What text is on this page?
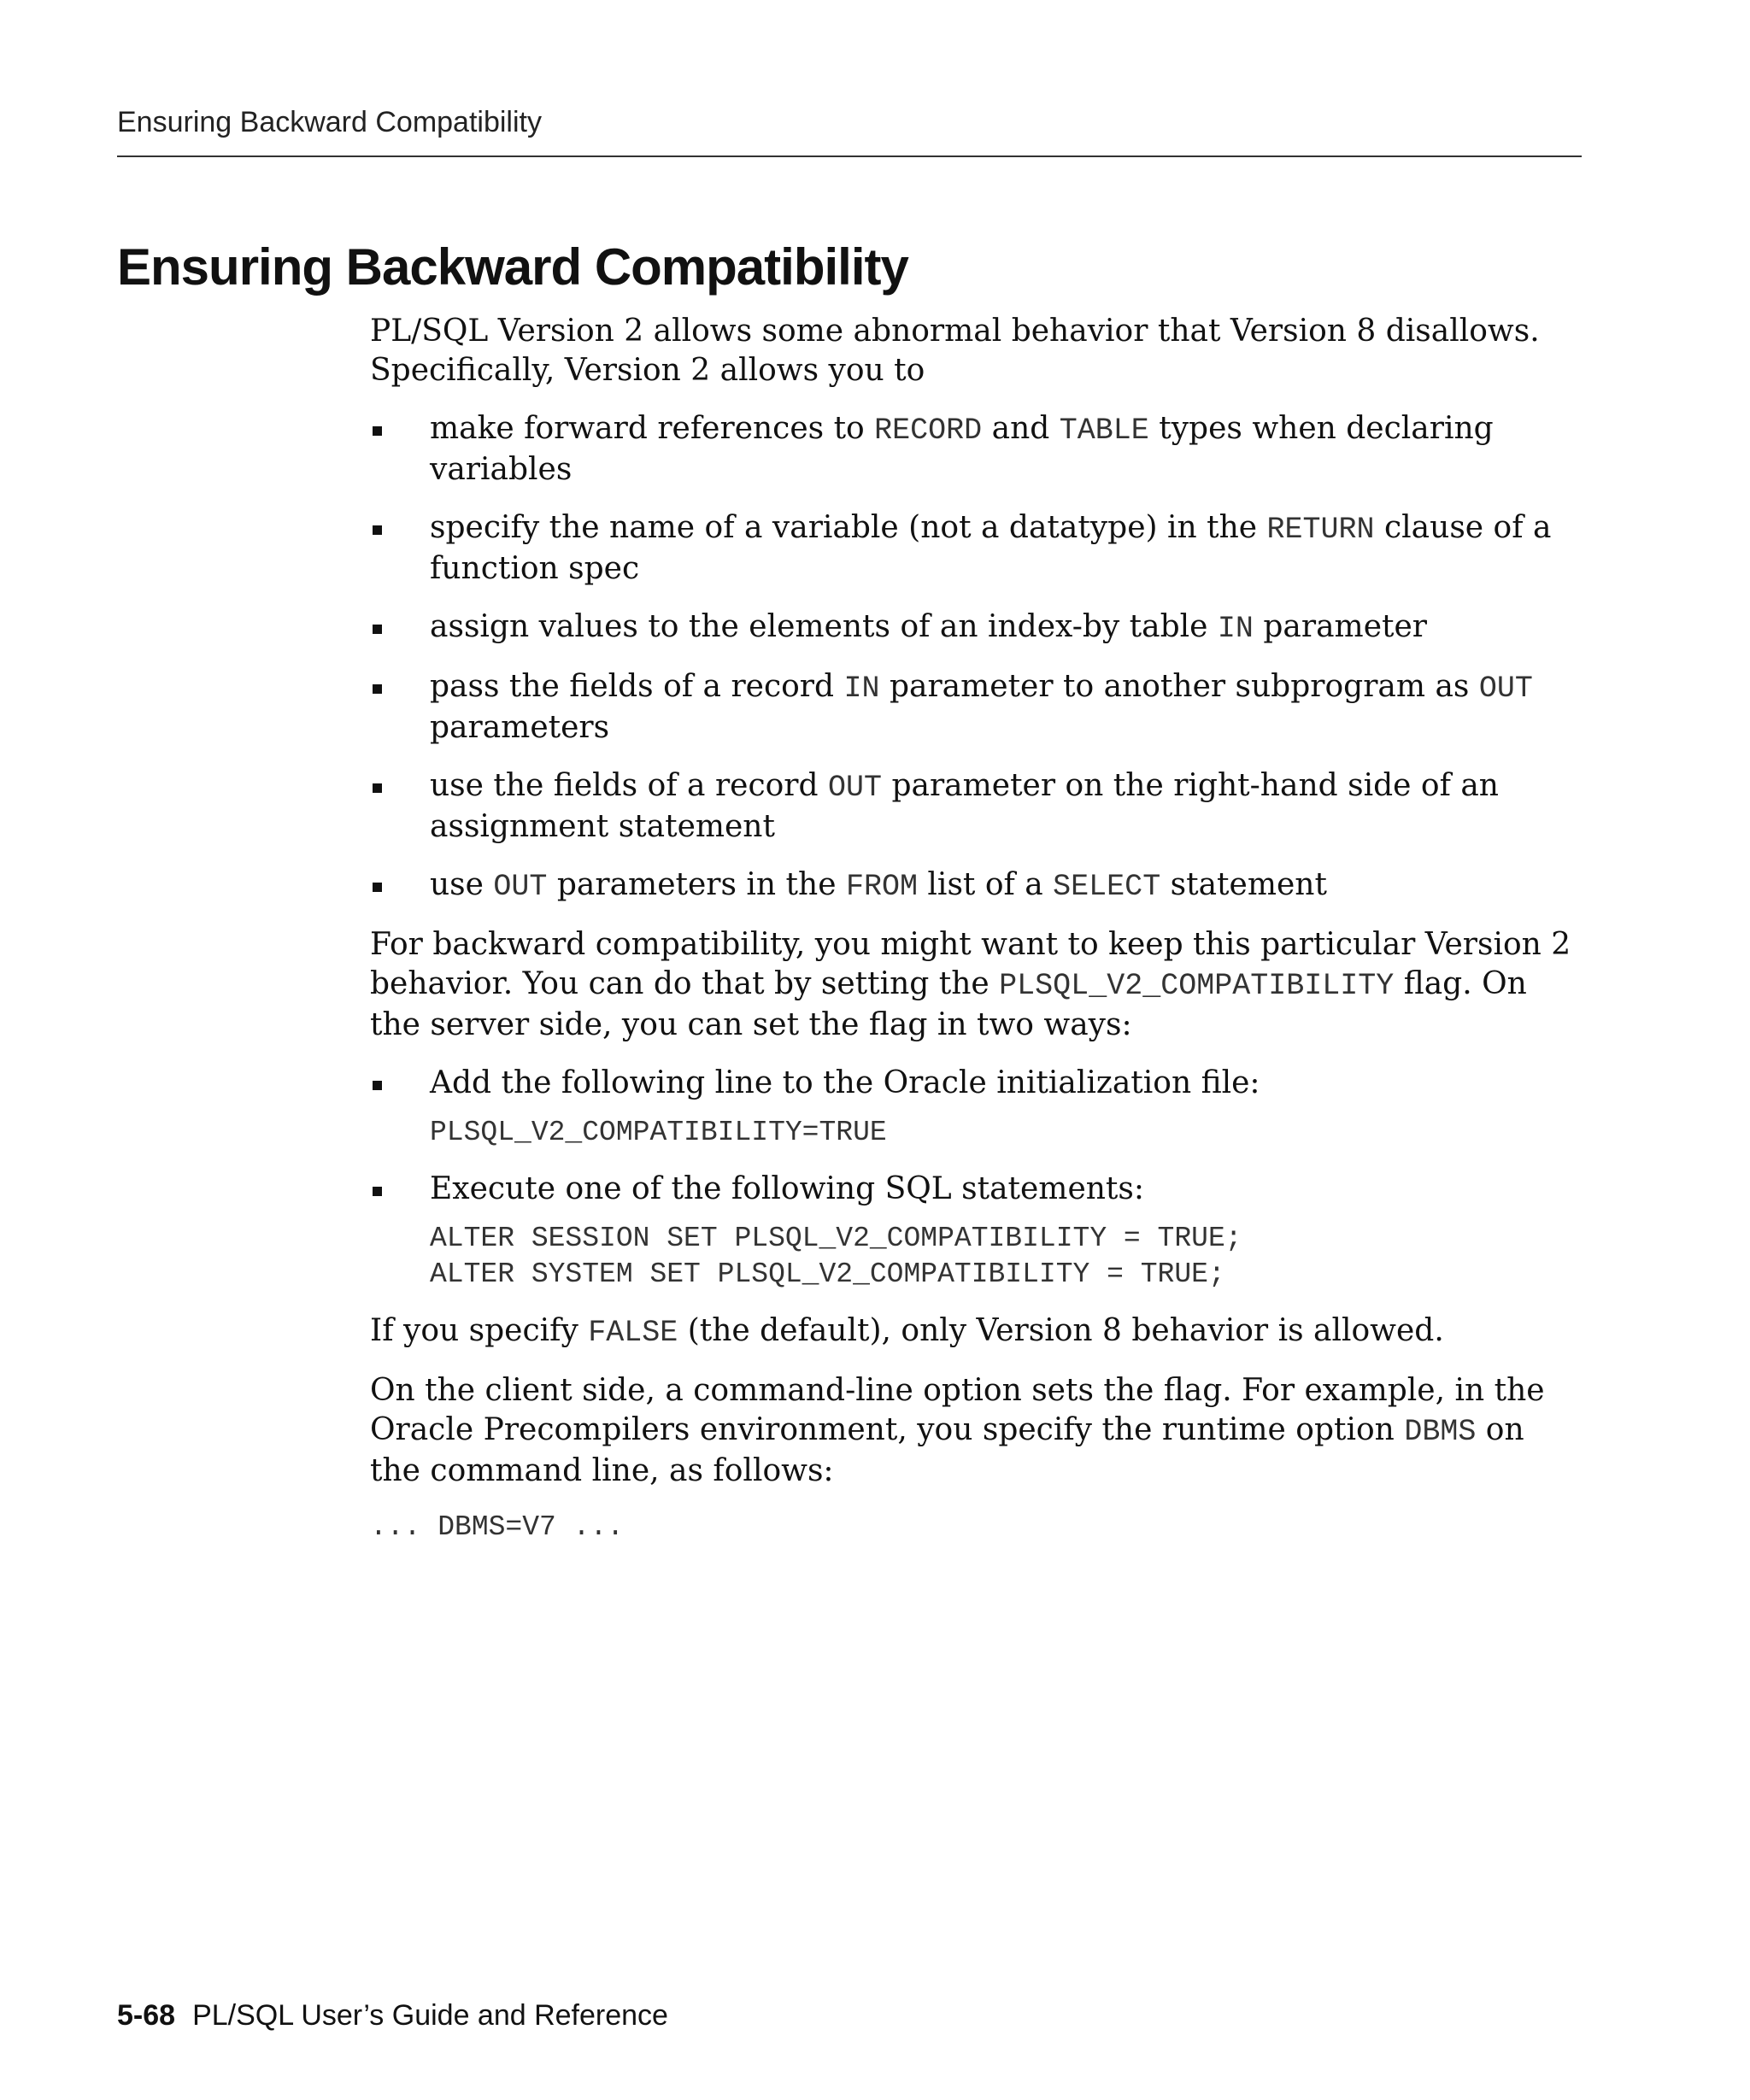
Ensuring Backward Compatibility
Ensuring Backward Compatibility

PL/SQL Version 2 allows some abnormal behavior that Version 8 disallows. Specifically, Version 2 allows you to

make forward references to RECORD and TABLE types when declaring variables
specify the name of a variable (not a datatype) in the RETURN clause of a function spec
assign values to the elements of an index-by table IN parameter
pass the fields of a record IN parameter to another subprogram as OUT parameters
use the fields of a record OUT parameter on the right-hand side of an assignment statement
use OUT parameters in the FROM list of a SELECT statement

For backward compatibility, you might want to keep this particular Version 2 behavior. You can do that by setting the PLSQL_V2_COMPATIBILITY flag. On the server side, you can set the flag in two ways:

Add the following line to the Oracle initialization file:
PLSQL_V2_COMPATIBILITY=TRUE
Execute one of the following SQL statements:
ALTER SESSION SET PLSQL_V2_COMPATIBILITY = TRUE;
ALTER SYSTEM SET PLSQL_V2_COMPATIBILITY = TRUE;

If you specify FALSE (the default), only Version 8 behavior is allowed.

On the client side, a command-line option sets the flag. For example, in the Oracle Precompilers environment, you specify the runtime option DBMS on the command line, as follows:

... DBMS=V7 ...
5-68 PL/SQL User’s Guide and Reference
